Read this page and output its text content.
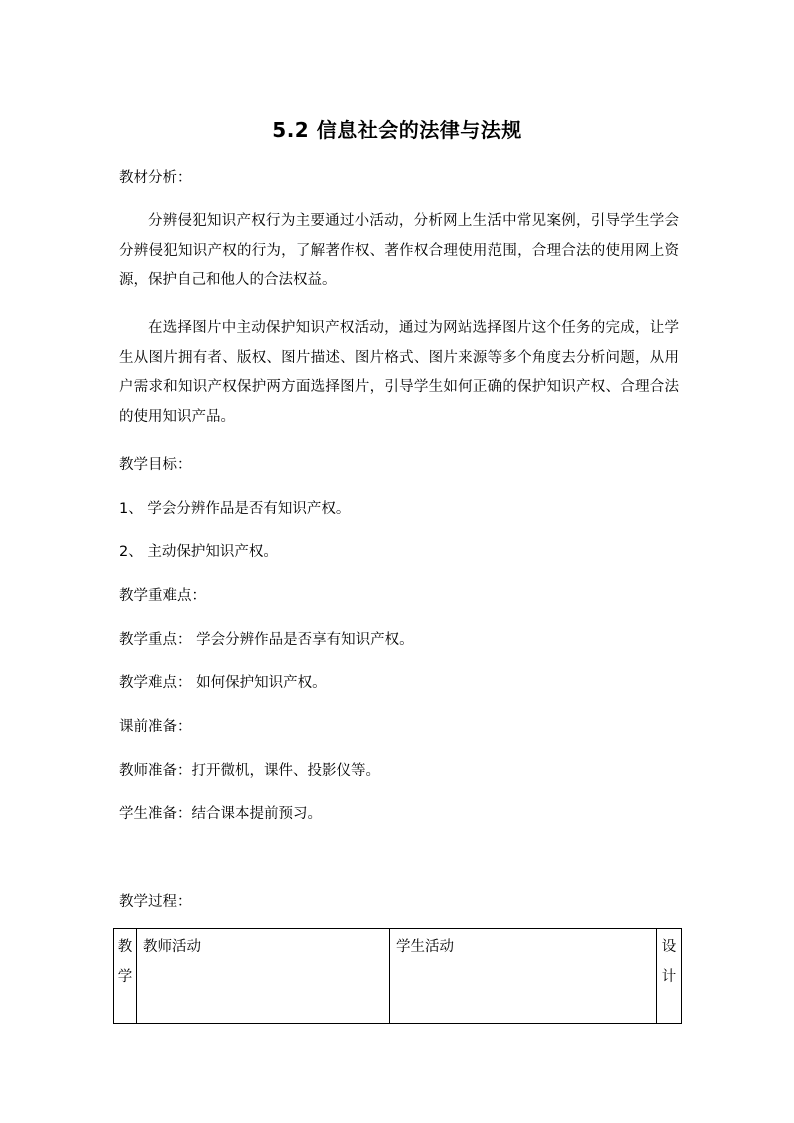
5.2 信息社会的法律与法规
教材分析：
分辨侵犯知识产权行为主要通过小活动，分析网上生活中常见案例，引导学生学会分辨侵犯知识产权的行为，了解著作权、著作权合理使用范围，合理合法的使用网上资源，保护自己和他人的合法权益。
在选择图片中主动保护知识产权活动，通过为网站选择图片这个任务的完成，让学生从图片拥有者、版权、图片描述、图片格式、图片来源等多个角度去分析问题，从用户需求和知识产权保护两方面选择图片，引导学生如何正确的保护知识产权、合理合法的使用知识产品。
教学目标：
1、 学会分辨作品是否有知识产权。
2、 主动保护知识产权。
教学重难点：
教学重点： 学会分辨作品是否享有知识产权。
教学难点： 如何保护知识产权。
课前准备：
教师准备：打开微机，课件、投影仪等。
学生准备：结合课本提前预习。
教学过程：
教学	教师活动	学生活动	设计
